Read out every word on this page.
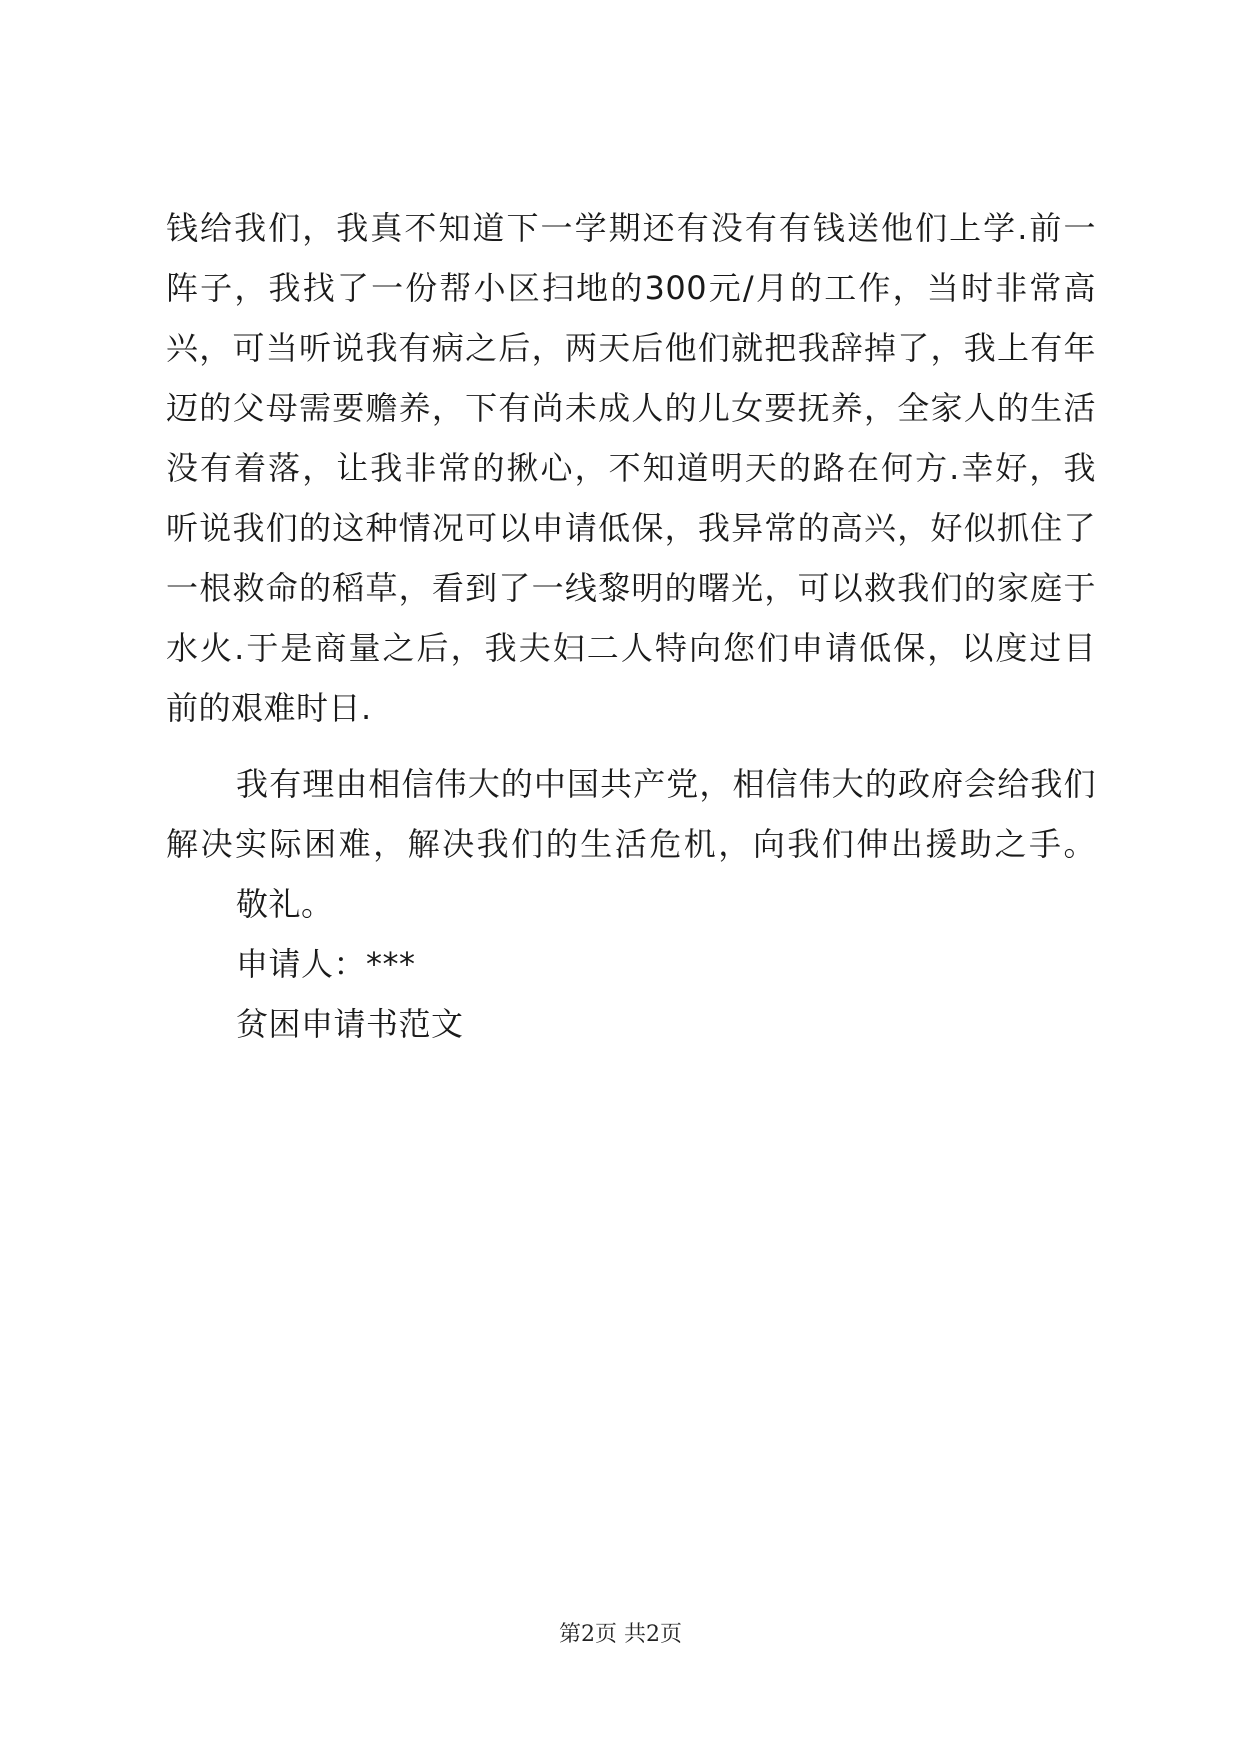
钱给我们，我真不知道下一学期还有没有有钱送他们上学.前一
阵子，我找了一份帮小区扫地的300元/月的工作，当时非常高
兴，可当听说我有病之后，两天后他们就把我辞掉了，我上有年
迈的父母需要赡养，下有尚未成人的儿女要抚养，全家人的生活
没有着落，让我非常的揪心，不知道明天的路在何方.幸好，我
听说我们的这种情况可以申请低保，我异常的高兴，好似抓住了
一根救命的稻草，看到了一线黎明的曙光，可以救我们的家庭于
水火.于是商量之后，我夫妇二人特向您们申请低保，以度过目
前的艰难时日.
我有理由相信伟大的中国共产党，相信伟大的政府会给我们
解决实际困难，解决我们的生活危机，向我们伸出援助之手。
敬礼。
申请人：***
贫困申请书范文
第2页 共2页
